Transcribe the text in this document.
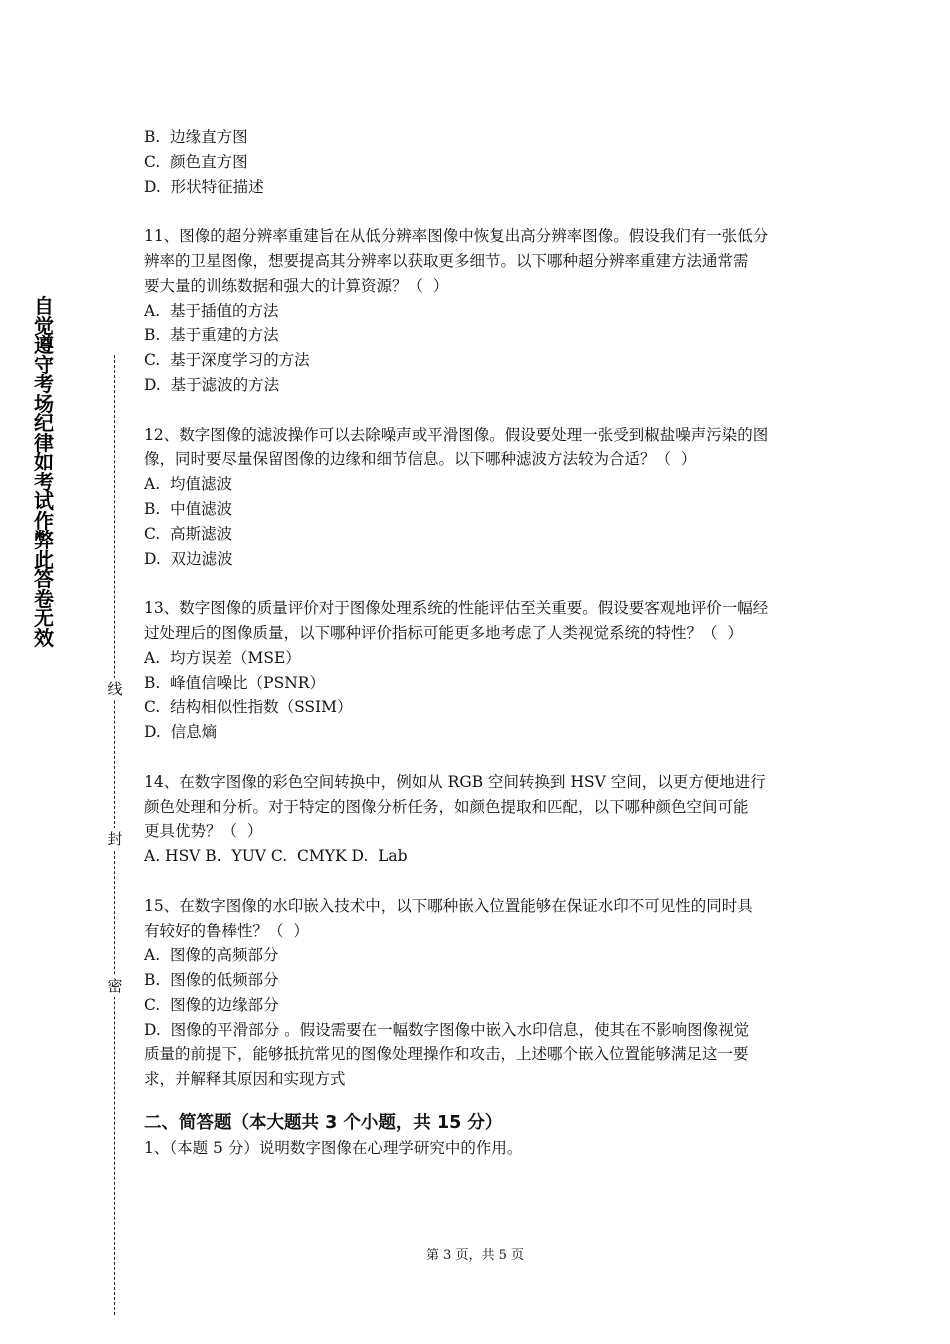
自觉遵守考场纪律如考试作弊此答卷无效
线
封
密
B.  边缘直方图
C.  颜色直方图
D.  形状特征描述
11、图像的超分辨率重建旨在从低分辨率图像中恢复出高分辨率图像。假设我们有一张低分
辨率的卫星图像，想要提高其分辨率以获取更多细节。以下哪种超分辨率重建方法通常需
要大量的训练数据和强大的计算资源？（  ）
A.  基于插值的方法
B.  基于重建的方法
C.  基于深度学习的方法
D.  基于滤波的方法
12、数字图像的滤波操作可以去除噪声或平滑图像。假设要处理一张受到椒盐噪声污染的图
像，同时要尽量保留图像的边缘和细节信息。以下哪种滤波方法较为合适？（  ）
A.  均值滤波
B.  中值滤波
C.  高斯滤波
D.  双边滤波
13、数字图像的质量评价对于图像处理系统的性能评估至关重要。假设要客观地评价一幅经
过处理后的图像质量，以下哪种评价指标可能更多地考虑了人类视觉系统的特性？（  ）
A.  均方误差（MSE）
B.  峰值信噪比（PSNR）
C.  结构相似性指数（SSIM）
D.  信息熵
14、在数字图像的彩色空间转换中，例如从 RGB 空间转换到 HSV 空间，以更方便地进行
颜色处理和分析。对于特定的图像分析任务，如颜色提取和匹配，以下哪种颜色空间可能
更具优势？（  ）
A. HSV B.  YUV C.  CMYK D.  Lab
15、在数字图像的水印嵌入技术中，以下哪种嵌入位置能够在保证水印不可见性的同时具
有较好的鲁棒性？（  ）
A.  图像的高频部分
B.  图像的低频部分
C.  图像的边缘部分
D.  图像的平滑部分 。假设需要在一幅数字图像中嵌入水印信息，使其在不影响图像视觉
质量的前提下，能够抵抗常见的图像处理操作和攻击，上述哪个嵌入位置能够满足这一要
求，并解释其原因和实现方式
二、简答题（本大题共 3 个小题，共 15 分）
1、（本题 5 分）说明数字图像在心理学研究中的作用。
第 3 页，共 5 页
